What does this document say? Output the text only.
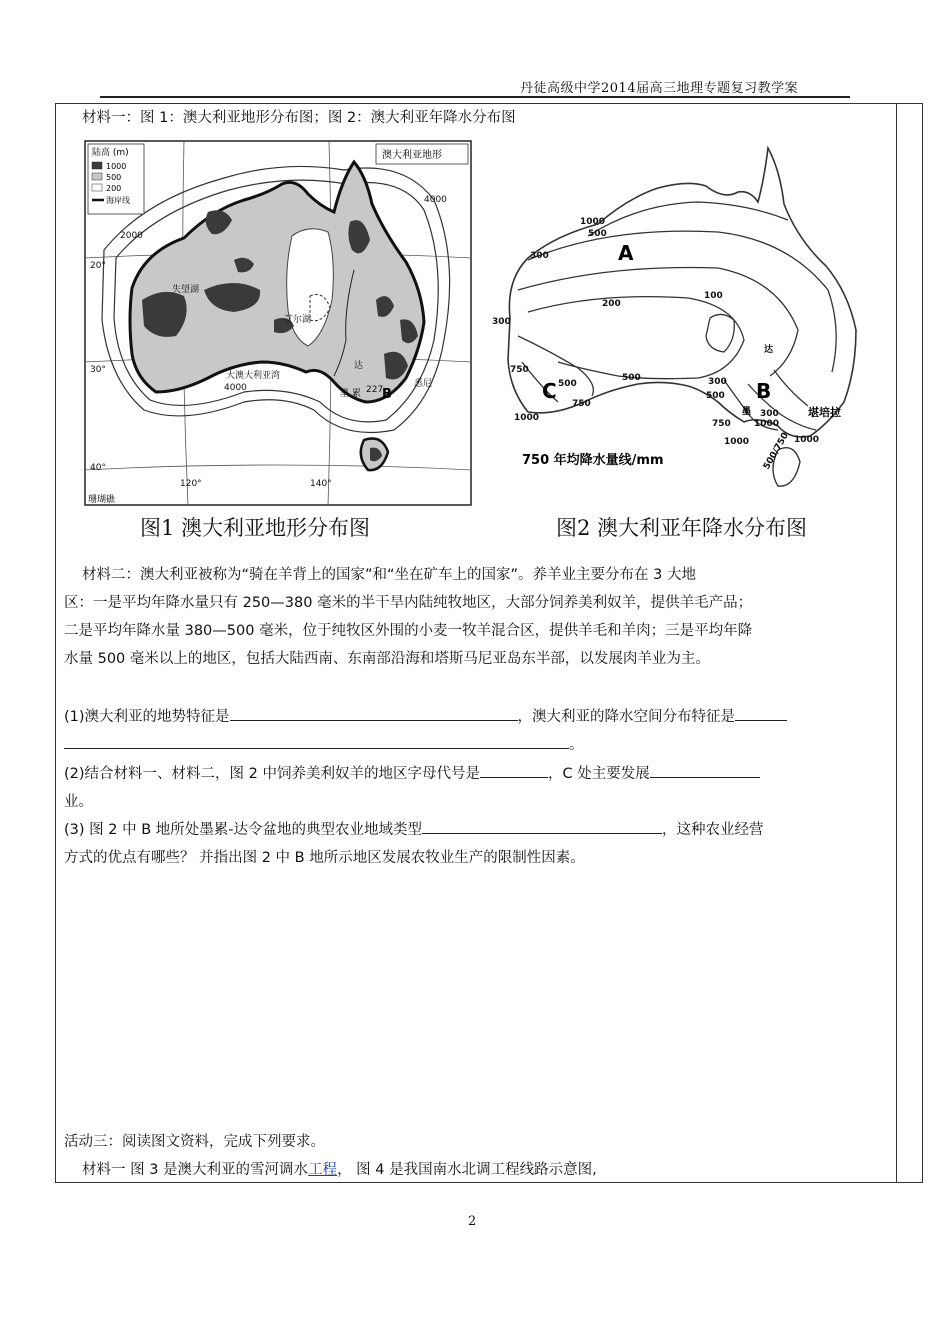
丹徒高级中学2014届高三地理专题复习教学案
材料一：图 1：澳大利亚地形分布图；图 2：澳大利亚年降水分布图
陆高 (m)
1000
500
200
海岸线
澳大利亚地形
失望湖
艾尔湖
大澳大利亚湾
达
墨 累
悉尼
227
4000
4000
2000
20°
30°
40°
120°	140°
B
珊瑚礁
图1 澳大利亚地形分布图
A
B
C
1000
500
300
200
100
300
750
500
1000
750
300
500
300
500
750
1000	1000
1000
500/750
堪培拉
达
墨
750 年均降水量线/mm
图2 澳大利亚年降水分布图
材料二：澳大利亚被称为“骑在羊背上的国家”和“坐在矿车上的国家”。养羊业主要分布在 3 大地
区：一是平均年降水量只有 250—380 毫米的半干旱内陆纯牧地区，大部分饲养美利奴羊，提供羊毛产品；
二是平均年降水量 380—500 毫米，位于纯牧区外围的小麦一牧羊混合区，提供羊毛和羊肉；三是平均年降
水量 500 毫米以上的地区，包括大陆西南、东南部沿海和塔斯马尼亚岛东半部，以发展肉羊业为主。
(1)澳大利亚的地势特征是	，澳大利亚的降水空间分布特征是
。
(2)结合材料一、材料二，图 2 中饲养美利奴羊的地区字母代号是	，C 处主要发展
业。
(3) 图 2 中 B 地所处墨累-达令盆地的典型农业地域类型	，这种农业经营
方式的优点有哪些？ 并指出图 2 中 B 地所示地区发展农牧业生产的限制性因素。
活动三：阅读图文资料，完成下列要求。
材料一 图 3 是澳大利亚的雪河调水工程， 图 4 是我国南水北调工程线路示意图,
2
